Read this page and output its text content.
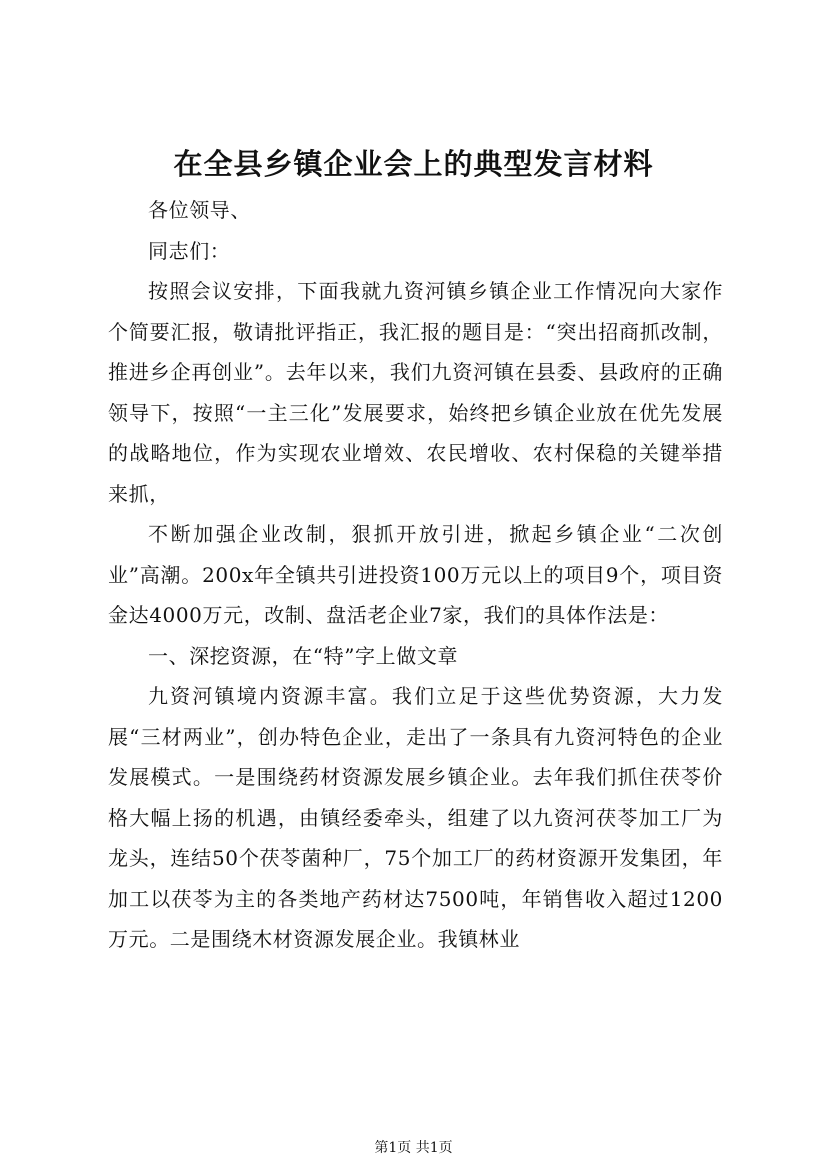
在全县乡镇企业会上的典型发言材料

各位领导、

同志们：

按照会议安排，下面我就九资河镇乡镇企业工作情况向大家作个简要汇报，敬请批评指正，我汇报的题目是：“突出招商抓改制，推进乡企再创业”。去年以来，我们九资河镇在县委、县政府的正确领导下，按照“一主三化”发展要求，始终把乡镇企业放在优先发展的战略地位，作为实现农业增效、农民增收、农村保稳的关键举措来抓，

不断加强企业改制，狠抓开放引进，掀起乡镇企业“二次创业”高潮。200x年全镇共引进投资100万元以上的项目9个，项目资金达4000万元，改制、盘活老企业7家，我们的具体作法是：

一、深挖资源，在“特”字上做文章

九资河镇境内资源丰富。我们立足于这些优势资源，大力发展“三材两业”，创办特色企业，走出了一条具有九资河特色的企业发展模式。一是围绕药材资源发展乡镇企业。去年我们抓住茯苓价格大幅上扬的机遇，由镇经委牵头，组建了以九资河茯苓加工厂为龙头，连结50个茯苓菌种厂，75个加工厂的药材资源开发集团，年加工以茯苓为主的各类地产药材达7500吨，年销售收入超过1200万元。二是围绕木材资源发展企业。我镇林业

第1页 共1页
